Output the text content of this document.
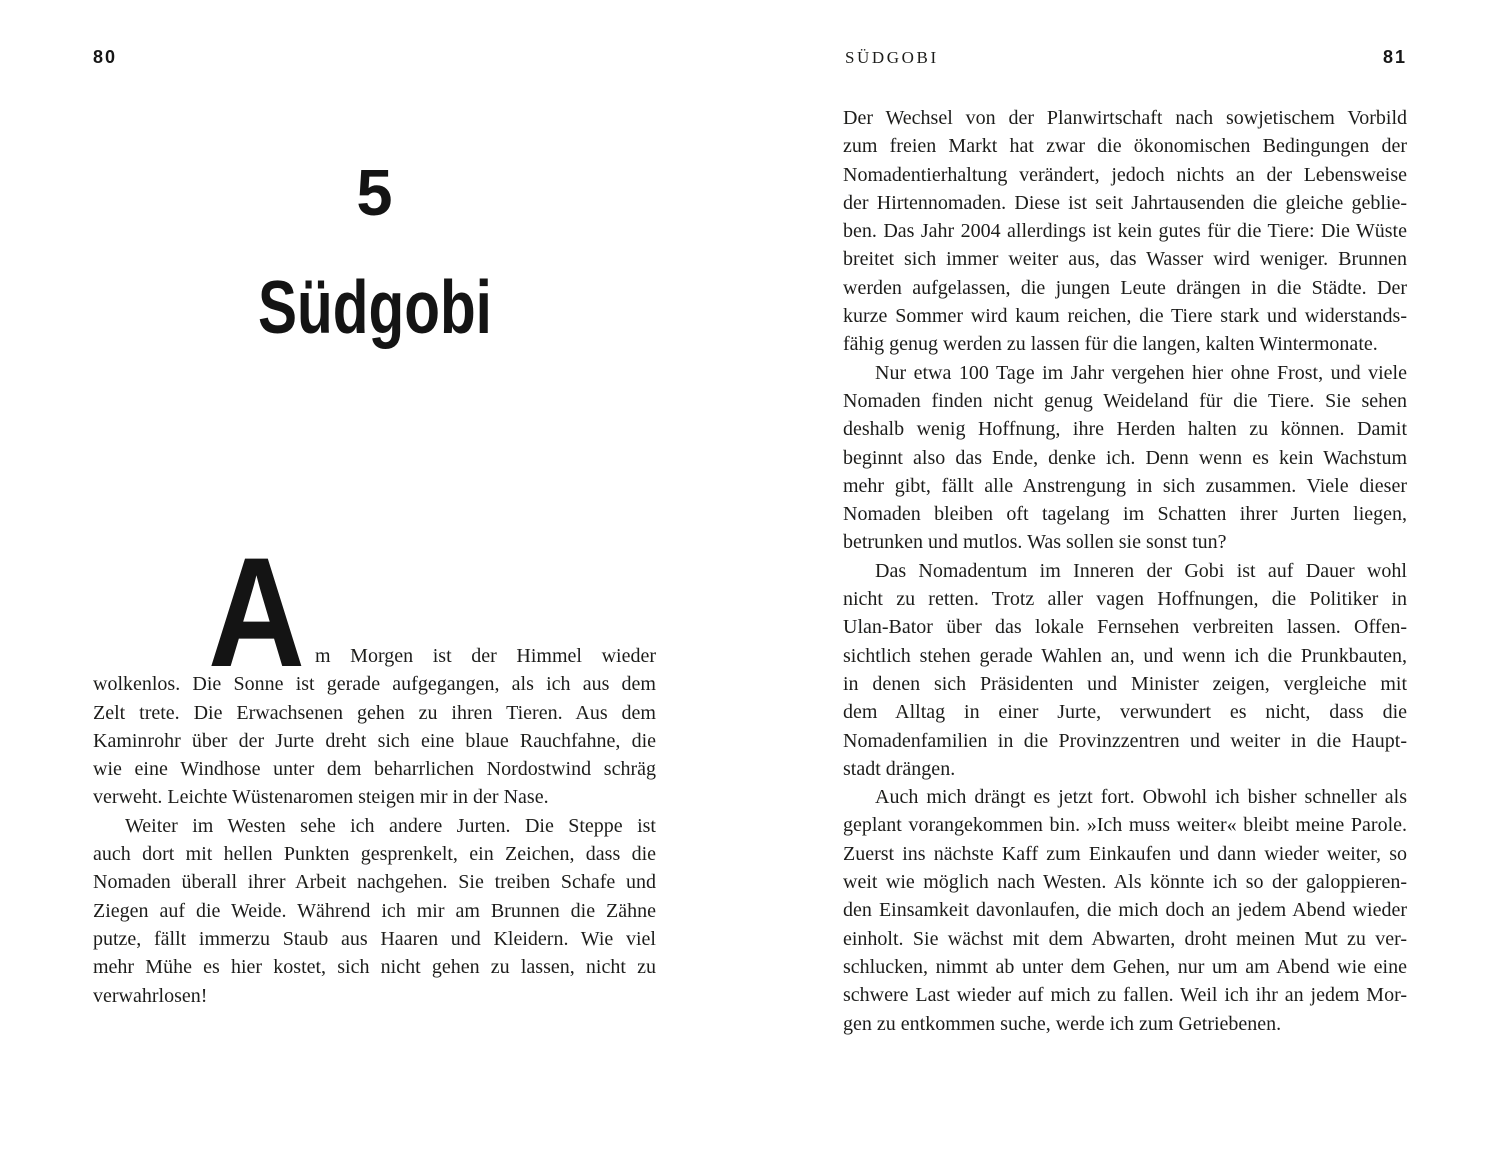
80
5
Südgobi
A m Morgen ist der Himmel wieder
wolkenlos. Die Sonne ist gerade aufgegangen, als ich aus dem
Zelt trete. Die Erwachsenen gehen zu ihren Tieren. Aus dem
Kaminrohr über der Jurte dreht sich eine blaue Rauchfahne, die
wie eine Windhose unter dem beharrlichen Nordostwind schräg
verweht. Leichte Wüstenaromen steigen mir in der Nase.
Weiter im Westen sehe ich andere Jurten. Die Steppe ist
auch dort mit hellen Punkten gesprenkelt, ein Zeichen, dass die
Nomaden überall ihrer Arbeit nachgehen. Sie treiben Schafe und
Ziegen auf die Weide. Während ich mir am Brunnen die Zähne
putze, fällt immerzu Staub aus Haaren und Kleidern. Wie viel
mehr Mühe es hier kostet, sich nicht gehen zu lassen, nicht zu
verwahrlosen!
SÜDGOBI	81
Der Wechsel von der Planwirtschaft nach sowjetischem Vorbild
zum freien Markt hat zwar die ökonomischen Bedingungen der
Nomadentierhaltung verändert, jedoch nichts an der Lebensweise
der Hirtennomaden. Diese ist seit Jahrtausenden die gleiche geblie-
ben. Das Jahr 2004 allerdings ist kein gutes für die Tiere: Die Wüste
breitet sich immer weiter aus, das Wasser wird weniger. Brunnen
werden aufgelassen, die jungen Leute drängen in die Städte. Der
kurze Sommer wird kaum reichen, die Tiere stark und widerstands-
fähig genug werden zu lassen für die langen, kalten Wintermonate.
Nur etwa 100 Tage im Jahr vergehen hier ohne Frost, und viele
Nomaden finden nicht genug Weideland für die Tiere. Sie sehen
deshalb wenig Hoffnung, ihre Herden halten zu können. Damit
beginnt also das Ende, denke ich. Denn wenn es kein Wachstum
mehr gibt, fällt alle Anstrengung in sich zusammen. Viele dieser
Nomaden bleiben oft tagelang im Schatten ihrer Jurten liegen,
betrunken und mutlos. Was sollen sie sonst tun?
Das Nomadentum im Inneren der Gobi ist auf Dauer wohl
nicht zu retten. Trotz aller vagen Hoffnungen, die Politiker in
Ulan-Bator über das lokale Fernsehen verbreiten lassen. Offen-
sichtlich stehen gerade Wahlen an, und wenn ich die Prunkbauten,
in denen sich Präsidenten und Minister zeigen, vergleiche mit
dem Alltag in einer Jurte, verwundert es nicht, dass die
Nomadenfamilien in die Provinzzentren und weiter in die Haupt-
stadt drängen.
Auch mich drängt es jetzt fort. Obwohl ich bisher schneller als
geplant vorangekommen bin. »Ich muss weiter« bleibt meine Parole.
Zuerst ins nächste Kaff zum Einkaufen und dann wieder weiter, so
weit wie möglich nach Westen. Als könnte ich so der galoppieren-
den Einsamkeit davonlaufen, die mich doch an jedem Abend wieder
einholt. Sie wächst mit dem Abwarten, droht meinen Mut zu ver-
schlucken, nimmt ab unter dem Gehen, nur um am Abend wie eine
schwere Last wieder auf mich zu fallen. Weil ich ihr an jedem Mor-
gen zu entkommen suche, werde ich zum Getriebenen.
